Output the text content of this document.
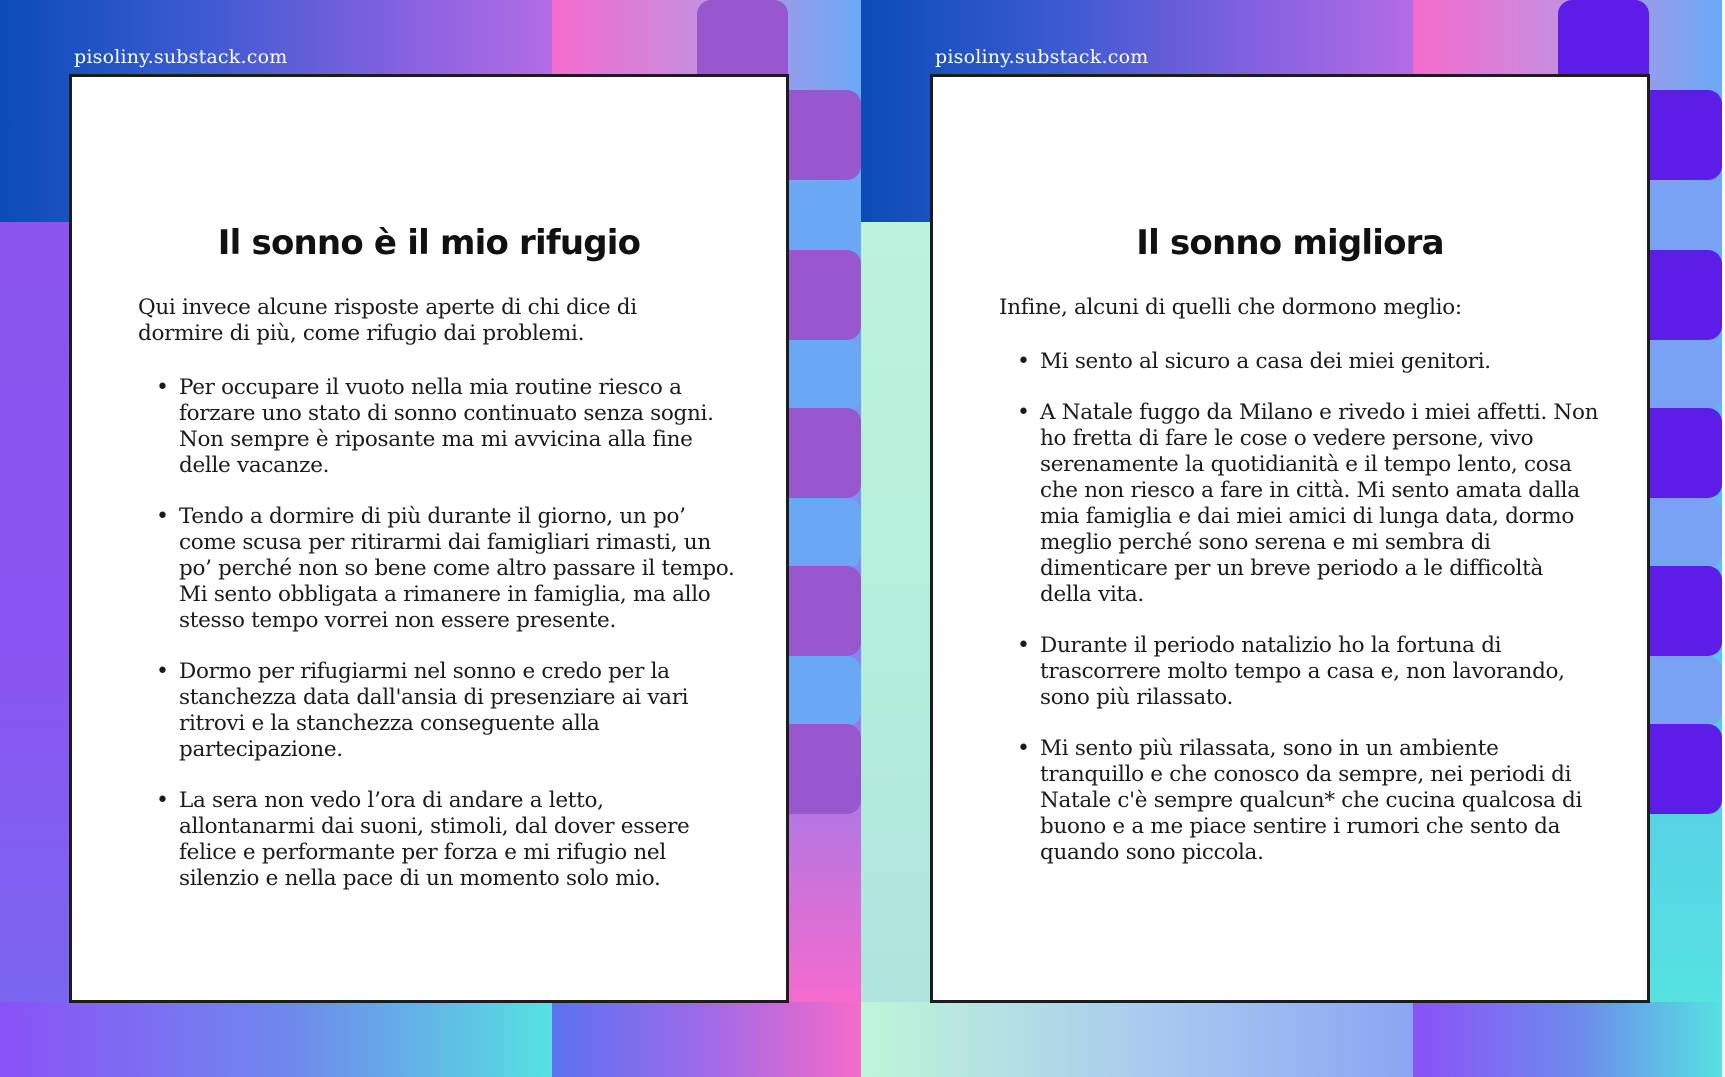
pisoliny.substack.com
Il sonno è il mio rifugio

Qui invece alcune risposte aperte di chi dice di dormire di più, come rifugio dai problemi.

• Per occupare il vuoto nella mia routine riesco a forzare uno stato di sonno continuato senza sogni. Non sempre è riposante ma mi avvicina alla fine delle vacanze.
• Tendo a dormire di più durante il giorno, un po’ come scusa per ritirarmi dai famigliari rimasti, un po’ perché non so bene come altro passare il tempo. Mi sento obbligata a rimanere in famiglia, ma allo stesso tempo vorrei non essere presente.
• Dormo per rifugiarmi nel sonno e credo per la stanchezza data dall'ansia di presenziare ai vari ritrovi e la stanchezza conseguente alla partecipazione.
• La sera non vedo l’ora di andare a letto, allontanarmi dai suoni, stimoli, dal dover essere felice e performante per forza e mi rifugio nel silenzio e nella pace di un momento solo mio.
pisoliny.substack.com
Il sonno migliora

Infine, alcuni di quelli che dormono meglio:

• Mi sento al sicuro a casa dei miei genitori.
• A Natale fuggo da Milano e rivedo i miei affetti. Non ho fretta di fare le cose o vedere persone, vivo serenamente la quotidianità e il tempo lento, cosa che non riesco a fare in città. Mi sento amata dalla mia famiglia e dai miei amici di lunga data, dormo meglio perché sono serena e mi sembra di dimenticare per un breve periodo a le difficoltà della vita.
• Durante il periodo natalizio ho la fortuna di trascorrere molto tempo a casa e, non lavorando, sono più rilassato.
• Mi sento più rilassata, sono in un ambiente tranquillo e che conosco da sempre, nei periodi di Natale c'è sempre qualcun* che cucina qualcosa di buono e a me piace sentire i rumori che sento da quando sono piccola.
